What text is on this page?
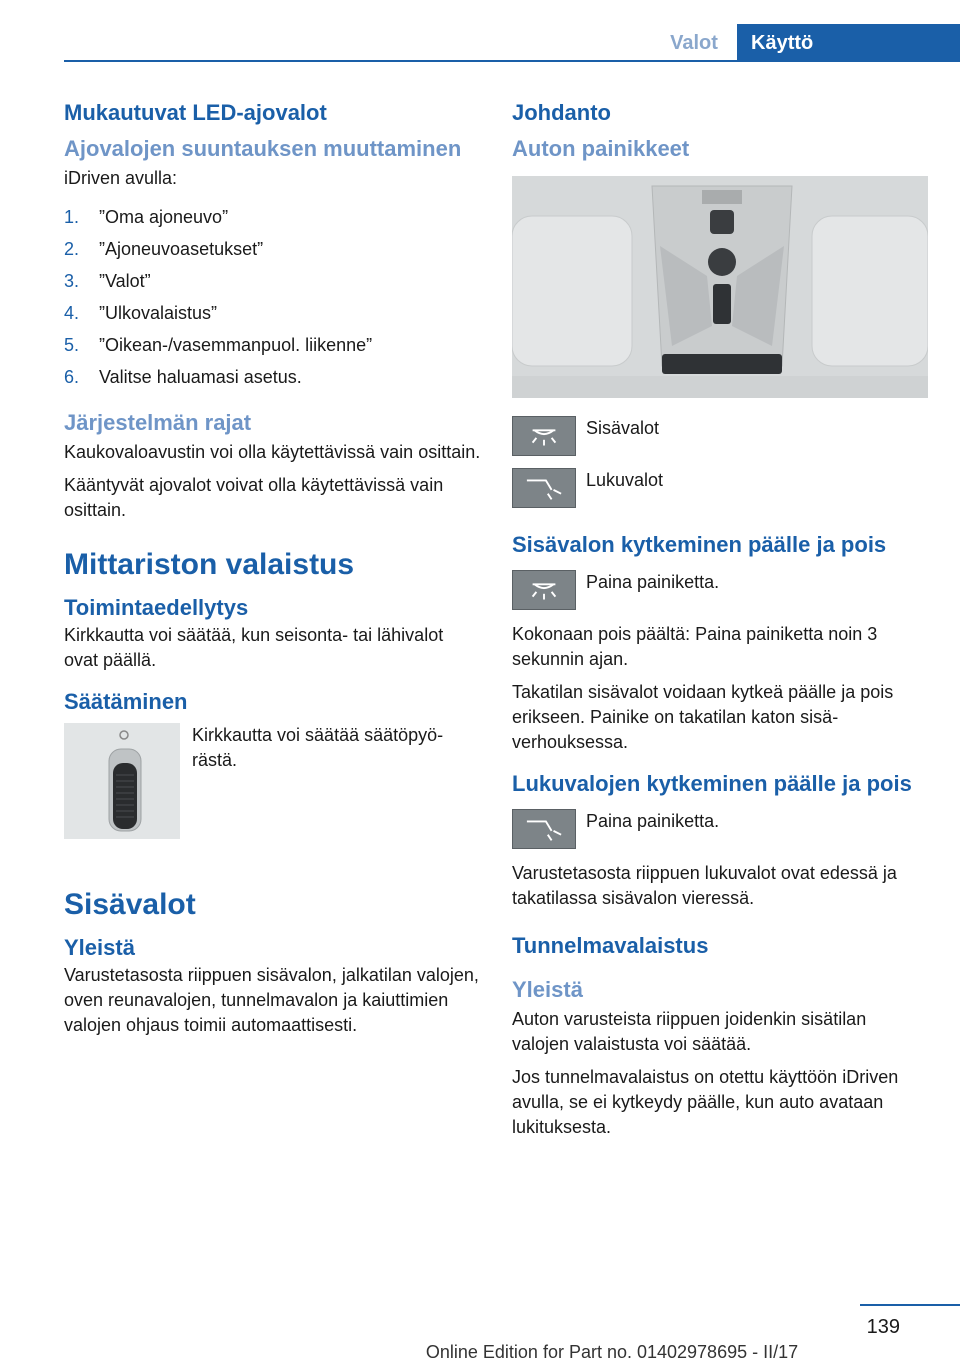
Valot	Käyttö
Mukautuvat LED-ajovalot
Ajovalojen suuntauksen muuttaminen

iDriven avulla:

1.	”Oma ajoneuvo”
2.	”Ajoneuvoasetukset”
3.	”Valot”
4.	”Ulkovalaistus”
5.	”Oikean-/vasemmanpuol. liikenne”
6.	Valitse haluamasi asetus.
Järjestelmän rajat

Kaukovaloavustin voi olla käytettävissä vain osittain.

Kääntyvät ajovalot voivat olla käytettävissä vain osittain.

Mittariston valaistus
Toimintaedellytys

Kirkkautta voi säätää, kun seisonta- tai lähivalot ovat päällä.

Säätäminen
Kirkkautta voi säätää säätöpyörästä.
Sisävalot
Yleistä

Varustetasosta riippuen sisävalon, jalkatilan valojen, oven reunavalojen, tunnelmavalon ja kaiuttimien valojen ohjaus toimii automaattisesti.

Johdanto
Auton painikkeet
Sisävalot
Lukuvalot
Sisävalon kytkeminen päälle ja pois
Paina painiketta.

Kokonaan pois päältä: Paina painiketta noin 3 sekunnin ajan.

Takatilan sisävalot voidaan kytkeä päälle ja pois erikseen. Painike on takatilan katon sisäverhouksessa.

Lukuvalojen kytkeminen päälle ja pois
Paina painiketta.

Varustetasosta riippuen lukuvalot ovat edessä ja takatilassa sisävalon vieressä.

Tunnelmavalaistus
Yleistä

Auton varusteista riippuen joidenkin sisätilan valojen valaistusta voi säätää.

Jos tunnelmavalaistus on otettu käyttöön iDriven avulla, se ei kytkeydy päälle, kun auto avataan lukituksesta.

139
Online Edition for Part no. 01402978695 - II/17
